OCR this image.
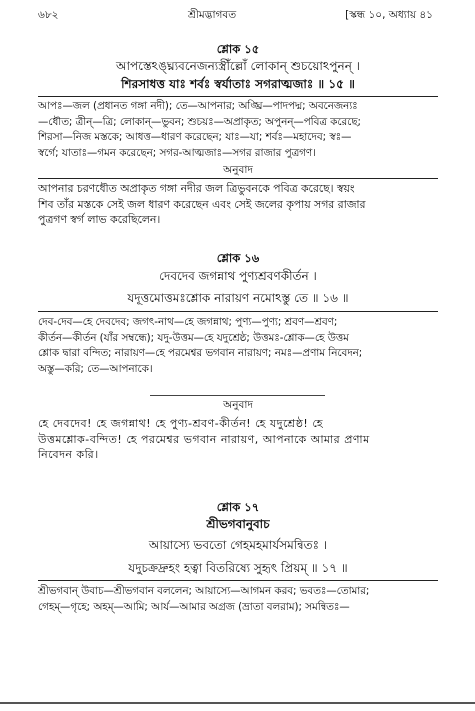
৬৮২	শ্রীমদ্ভাগবত	[স্কন্ধ ১০, অধ্যায় ৪১
শ্লোক ১৫
আপস্তেঽঙ্ঘ্ন্যবনেজন্যস্ত্রীঁল্লোঁ লোকান্ শুচয়োঽপুনন্ ।
শিরসাধত্ত যাঃ শর্বঃ স্বর্যাতাঃ সগরাত্মজাঃ ॥ ১৫ ॥
আপঃ—জল (প্রধানত গঙ্গা নদী); তে—আপনার; অঙ্ঘ্রি—পাদপদ্ম; অবনেজন্যঃ
—ধৌত; ত্রীন্—ত্রি; লোকান্—ভুবন; শুচয়ঃ—অপ্রাকৃত; অপুনন্—পবিত্র করেছে;
শিরসা—নিজ মস্তকে; আধত্ত—ধারণ করেছেন; যাঃ—যা; শর্বঃ—মহাদেব; স্বঃ—
স্বর্গে; যাতাঃ—গমন করেছেন; সগর-আত্মজাঃ—সগর রাজার পুত্রগণ।
অনুবাদ
আপনার চরণধৌত অপ্রাকৃত গঙ্গা নদীর জল ত্রিভুবনকে পবিত্র করেছে। স্বয়ং
শিব তাঁর মস্তকে সেই জল ধারণ করেছেন এবং সেই জলের কৃপায় সগর রাজার
পুত্রগণ স্বর্গ লাভ করেছিলেন।
শ্লোক ১৬
দেবদেব জগন্নাথ পুণ্যশ্রবণকীর্তন ।
যদূত্তমোত্তমঃশ্লোক নারায়ণ নমোঽস্তু তে ॥ ১৬ ॥
দেব-দেব—হে দেবদেব; জগৎ-নাথ—হে জগন্নাথ; পুণ্য—পুণ্য; শ্রবণ—শ্রবণ;
কীর্তন—কীর্তন (যাঁর সম্বন্ধে); যদু-উত্তম—হে যদুশ্রেষ্ঠ; উত্তমঃ-শ্লোক—হে উত্তম
শ্লোক দ্বারা বন্দিত; নারায়ণ—হে পরমেশ্বর ভগবান নারায়ণ; নমঃ—প্রণাম নিবেদন;
অস্তু—করি; তে—আপনাকে।
অনুবাদ
হে দেবদেব! হে জগন্নাথ! হে পুণ্য-শ্রবণ-কীর্তন! হে যদুশ্রেষ্ঠ! হে
উত্তমশ্লোক-বন্দিত! হে পরমেশ্বর ভগবান নারায়ণ, আপনাকে আমার প্রণাম
নিবেদন করি।
শ্লোক ১৭
শ্রীভগবানুবাচ
আয়াস্যে ভবতো গেহমহমার্যসমন্বিতঃ ।
যদুচক্রদ্রুহং হত্বা বিতরিষ্যে সুহৃৎ প্রিয়ম্ ॥ ১৭ ॥
শ্রীভগবান্ উবাচ—শ্রীভগবান বললেন; আয়াস্যে—আগমন করব; ভবতঃ—তোমার;
গেহম্—গৃহে; অহম্—আমি; আর্য—আমার অগ্রজ (ভ্রাতা বলরাম); সমন্বিতঃ—
